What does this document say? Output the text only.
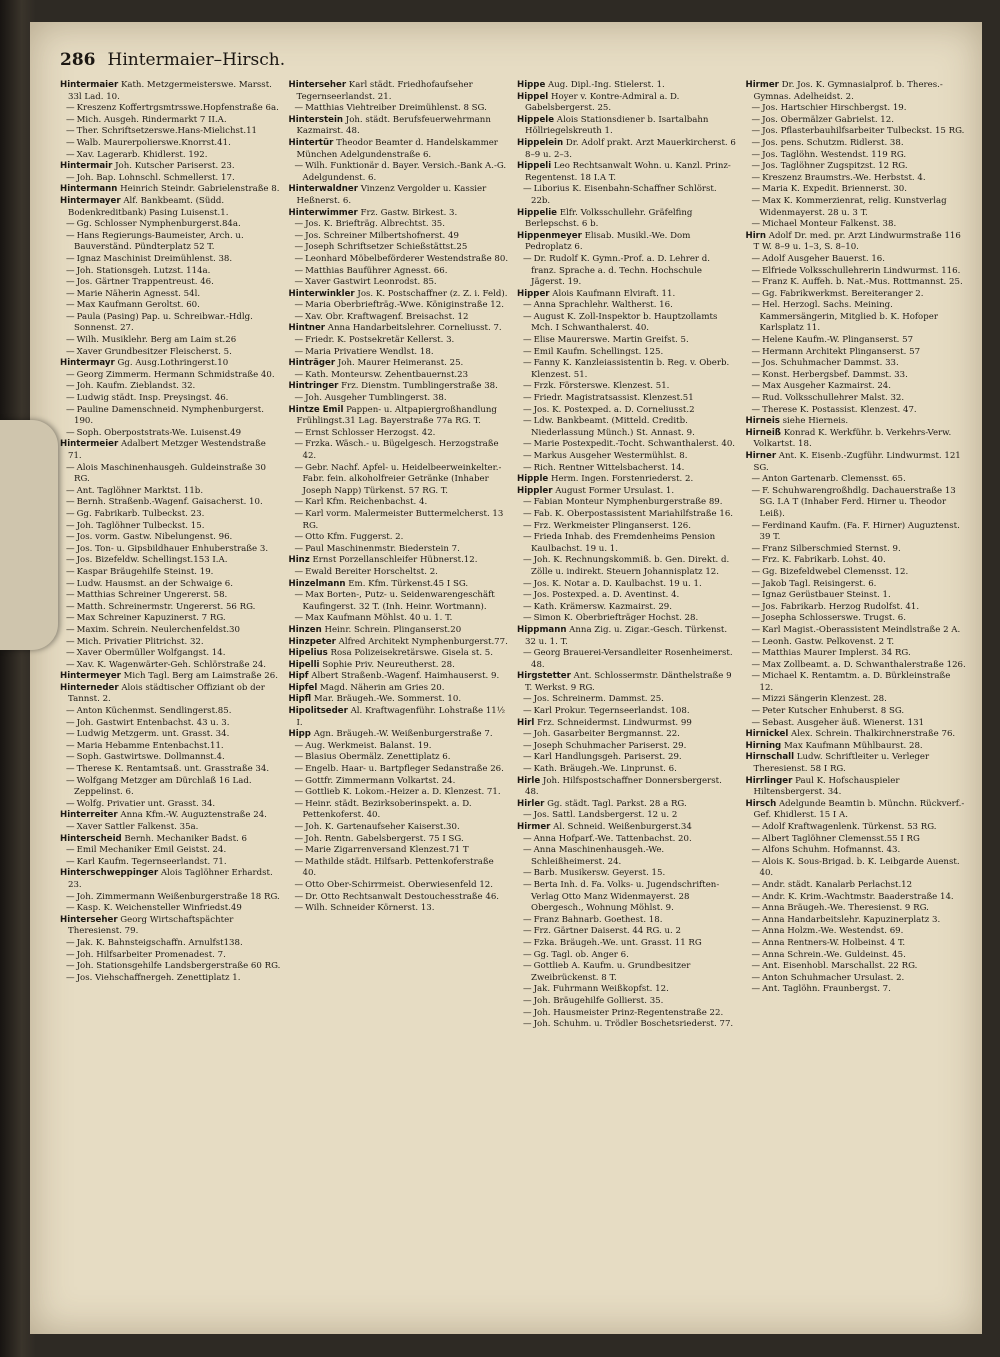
286 Hintermaier–Hirsch.

Hintermaier Kath. Metzgermeisterswe. Marsst. 33l Lad. 10.

— Kreszenz Koffertrgsmtrsswe.Hopfenstraße 6a.

— Mich. Ausgeh. Rindermarkt 7 II.A.

— Ther. Schriftsetzerswe.Hans-Mielichst.11

— Walb. Maurerpolierswe.Knorrst.41.

— Xav. Lagerarb. Khidlerst. 192.

Hintermair Joh. Kutscher Pariserst. 23.

— Joh. Bap. Lohnschl. Schmellerst. 17.

Hintermann Heinrich Steindr. Gabrielenstraße 8.

Hintermayer Alf. Bankbeamt. (Südd. Bodenkreditbank) Pasing Luisenst.1.

— Gg. Schlosser Nymphenburgerst.84a.

— Hans Regierungs-Baumeister, Arch. u. Bauverständ. Pündterplatz 52 T.

— Ignaz Maschinist Dreimühlenst. 38.

— Joh. Stationsgeh. Lutzst. 114a.

— Jos. Gärtner Trappentreust. 46.

— Marie Näherin Agnesst. 54l.

— Max Kaufmann Geroltst. 60.

— Paula (Pasing) Pap. u. Schreibwar.-Hdlg. Sonnenst. 27.

— Wilh. Musiklehr. Berg am Laim st.26

— Xaver Grundbesitzer Fleischerst. 5.

Hintermayr Gg. Ausg.Lothringerst.10

— Georg Zimmerm. Hermann Schmidstraße 40.

— Joh. Kaufm. Zieblandst. 32.

— Ludwig städt. Insp. Preysingst. 46.

— Pauline Damenschneid. Nymphenburgerst. 190.

— Soph. Oberpoststrats-We. Luisenst.49

Hintermeier Adalbert Metzger Westendstraße 71.

— Alois Maschinenhausgeh. Guldeinstraße 30 RG.

— Ant. Taglöhner Marktst. 11b.

— Bernh. Straßenb.-Wagenf. Gaisacherst. 10.

— Gg. Fabrikarb. Tulbeckst. 23.

— Joh. Taglöhner Tulbeckst. 15.

— Jos. vorm. Gastw. Nibelungenst. 96.

— Jos. Ton- u. Gipsbildhauer Enhuberstraße 3.

— Jos. Bizefeldw. Schellingst.153 I.A.

— Kaspar Bräugehilfe Steinst. 19.

— Ludw. Hausmst. an der Schwaige 6.

— Matthias Schreiner Ungererst. 58.

— Matth. Schreinermstr. Ungererst. 56 RG.

— Max Schreiner Kapuzinerst. 7 RG.

— Maxim. Schrein. Neulerchenfeldst.30

— Mich. Privatier Plitrichst. 32.

— Xaver Obermüller Wolfgangst. 14.

— Xav. K. Wagenwärter-Geh. Schlörstraße 24.

Hintermeyer Mich Tagl. Berg am Laimstraße 26.

Hinterneder Alois städtischer Offiziant ob der Tannst. 2.

— Anton Küchenmst. Sendlingerst.85.

— Joh. Gastwirt Entenbachst. 43 u. 3.

— Ludwig Metzgerm. unt. Grasst. 34.

— Maria Hebamme Entenbachst.11.

— Soph. Gastwirtswe. Dollmannst.4.

— Therese K. Rentamtsaß. unt. Grasstraße 34.

— Wolfgang Metzger am Dürchlaß 16 Lad. Zeppelinst. 6.

— Wolfg. Privatier unt. Grasst. 34.

Hinterreiter Anna Kfm.-W. Auguztenstraße 24.

— Xaver Sattler Falkenst. 35a.

Hinterscheid Bernh. Mechaniker Badst. 6

— Emil Mechaniker Emil Geistst. 24.

— Karl Kaufm. Tegernseerlandst. 71.

Hinterschweppinger Alois Taglöhner Erhardst. 23.

— Joh. Zimmermann Weißenburgerstraße 18 RG.

— Kasp. K. Weichensteller Winfriedst.49

Hinterseher Georg Wirtschaftspächter Theresienst. 79.

— Jak. K. Bahnsteigschaffn. Arnulfst138.

— Joh. Hilfsarbeiter Promenadest. 7.

— Joh. Stationsgehilfe Landsbergerstraße 60 RG.

— Jos. Viehschaffnergeh. Zenettiplatz 1.

Hinterseher Karl städt. Friedhofaufseher Tegernseerlandst. 21.

— Matthias Viehtreiber Dreimühlenst. 8 SG.

Hinterstein Joh. städt. Berufsfeuerwehrmann Kazmairst. 48.

Hintertür Theodor Beamter d. Handelskammer München Adelgundenstraße 6.

— Wilh. Funktionär d. Bayer. Versich.-Bank A.-G. Adelgundenst. 6.

Hinterwaldner Vinzenz Vergolder u. Kassier Heßnerst. 6.

Hinterwimmer Frz. Gastw. Birkest. 3.

— Jos. K. Briefträg. Albrechtst. 35.

— Jos. Schreiner Milbertshofnerst. 49

— Joseph Schriftsetzer Schießstättst.25

— Leonhard Möbelbeförderer Westendstraße 80.

— Matthias Bauführer Agnesst. 66.

— Xaver Gastwirt Leonrodst. 85.

Hinterwinkler Jos. K. Postschaffner (z. Z. i. Feld).

— Maria Oberbriefträg.-Wwe. Königinstraße 12.

— Xav. Obr. Kraftwagenf. Breisachst. 12

Hintner Anna Handarbeitslehrer. Corneliusst. 7.

— Friedr. K. Postsekretär Kellerst. 3.

— Maria Privatiere Wendlst. 18.

Hinträger Joh. Maurer Heimeranst. 25.

— Kath. Monteursw. Zehentbauernst.23

Hintringer Frz. Dienstm. Tumblingerstraße 38.

— Joh. Ausgeher Tumblingerst. 38.

Hintze Emil Pappen- u. Altpapiergroßhandlung Frühlingst.31 Lag. Bayerstraße 77a RG. T.

— Ernst Schlosser Herzogst. 42.

— Frzka. Wäsch.- u. Bügelgesch. Herzogstraße 42.

— Gebr. Nachf. Apfel- u. Heidelbeerweinkelter.-Fabr. fein. alkoholfreier Getränke (Inhaber Joseph Napp) Türkenst. 57 RG. T.

— Karl Kfm. Reichenbachst. 4.

— Karl vorm. Malermeister Buttermelcherst. 13 RG.

— Otto Kfm. Fuggerst. 2.

— Paul Maschinenmstr. Biederstein 7.

Hinz Ernst Porzellanschleifer Hübnerst.12.

— Ewald Bereiter Horscheltst. 2.

Hinzelmann Em. Kfm. Türkenst.45 I SG.

— Max Borten-, Putz- u. Seidenwarengeschäft Kaufingerst. 32 T. (Inh. Heinr. Wortmann).

— Max Kaufmann Möhlst. 40 u. 1. T.

Hinzen Heinr. Schrein. Plinganserst.20

Hinzpeter Alfred Architekt Nymphenburgerst.77.

Hipelius Rosa Polizeisekretärswe. Gisela st. 5.

Hipelli Sophie Priv. Neureutherst. 28.

Hipf Albert Straßenb.-Wagenf. Haimhauserst. 9.

Hipfel Magd. Näherin am Gries 20.

Hipfl Mar. Bräugeh.-We. Sommerst. 10.

Hipolitseder Al. Kraftwagenführ. Lohstraße 11½ I.

Hipp Agn. Bräugeh.-W. Weißenburgerstraße 7.

— Aug. Werkmeist. Balanst. 19.

— Blasius Obermälz. Zenettiplatz 6.

— Engelb. Haar- u. Bartpfleger Sedanstraße 26.

— Gottfr. Zimmermann Volkartst. 24.

— Gottlieb K. Lokom.-Heizer a. D. Klenzest. 71.

— Heinr. städt. Bezirksoberinspekt. a. D. Pettenkoferst. 40.

— Joh. K. Gartenaufseher Kaiserst.30.

— Joh. Rentn. Gabelsbergerst. 75 I SG.

— Marie Zigarrenversand Klenzest.71 T

— Mathilde städt. Hilfsarb. Pettenkoferstraße 40.

— Otto Ober-Schirrmeist. Oberwiesenfeld 12.

— Dr. Otto Rechtsanwalt Destouchesstraße 46.

— Wilh. Schneider Körnerst. 13.

Hippe Aug. Dipl.-Ing. Stielerst. 1.

Hippel Hoyer v. Kontre-Admiral a. D. Gabelsbergerst. 25.

Hippele Alois Stationsdiener b. Isartalbahn Höllriegelskreuth 1.

Hippelein Dr. Adolf prakt. Arzt Mauerkircherst. 6 8–9 u. 2–3.

Hippeli Leo Rechtsanwalt Wohn. u. Kanzl. Prinz-Regentenst. 18 I.A T.

— Liborius K. Eisenbahn-Schaffner Schlörst. 22b.

Hippelie Elfr. Volksschullehr. Gräfelfing Berlepschst. 6 b.

Hippenmeyer Elisab. Musikl.-We. Dom Pedroplatz 6.

— Dr. Rudolf K. Gymn.-Prof. a. D. Lehrer d. franz. Sprache a. d. Techn. Hochschule Jägerst. 19.

Hipper Alois Kaufmann Elviraft. 11.

— Anna Sprachlehr. Waltherst. 16.

— August K. Zoll-Inspektor b. Hauptzollamts Mch. I Schwanthalerst. 40.

— Elise Maurerswe. Martin Greifst. 5.

— Emil Kaufm. Schellingst. 125.

— Fanny K. Kanzleiassistentin b. Reg. v. Oberb. Klenzest. 51.

— Frzk. Försterswe. Klenzest. 51.

— Friedr. Magistratsassist. Klenzest.51

— Jos. K. Postexped. a. D. Corneliusst.2

— Ldw. Bankbeamt. (Mitteld. Creditb. Niederlassung Münch.) St. Annast. 9.

— Marie Postexpedit.-Tocht. Schwanthalerst. 40.

— Markus Ausgeher Westermühlst. 8.

— Rich. Rentner Wittelsbacherst. 14.

Hipple Herm. Ingen. Forstenriederst. 2.

Hippler August Former Ursulast. 1.

— Fabian Monteur Nymphenburgerstraße 89.

— Fab. K. Oberpostassistent Mariahilfstraße 16.

— Frz. Werkmeister Plinganserst. 126.

— Frieda Inhab. des Fremdenheims Pension Kaulbachst. 19 u. 1.

— Joh. K. Rechnungskommiß. b. Gen. Direkt. d. Zölle u. indirekt. Steuern Johannisplatz 12.

— Jos. K. Notar a. D. Kaulbachst. 19 u. 1.

— Jos. Postexped. a. D. Aventinst. 4.

— Kath. Krämersw. Kazmairst. 29.

— Simon K. Oberbriefträger Hochst. 28.

Hippmann Anna Zig. u. Zigar.-Gesch. Türkenst. 32 u. 1. T.

— Georg Brauerei-Versandleiter Rosenheimerst. 48.

Hirgstetter Ant. Schlossermstr. Dänthelstraße 9 T. Werkst. 9 RG.

— Jos. Schreinerm. Dammst. 25.

— Karl Prokur. Tegernseerlandst. 108.

Hirl Frz. Schneidermst. Lindwurmst. 99

— Joh. Gasarbeiter Bergmannst. 22.

— Joseph Schuhmacher Pariserst. 29.

— Karl Handlungsgeh. Pariserst. 29.

— Kath. Bräugeh.-We. Linprunst. 6.

Hirle Joh. Hilfspostschaffner Donnersbergerst. 48.

Hirler Gg. städt. Tagl. Parkst. 28 a RG.

— Jos. Sattl. Landsbergerst. 12 u. 2

Hirmer Al. Schneid. Weißenburgerst.34

— Anna Hofparf.-We. Tattenbachst. 20.

— Anna Maschinenhausgeh.-We. Schleißheimerst. 24.

— Barb. Musikersw. Geyerst. 15.

— Berta Inh. d. Fa. Volks- u. Jugendschriften-Verlag Otto Manz Widenmayerst. 28 Obergesch., Wohnung Möhlst. 9.

— Franz Bahnarb. Goethest. 18.

— Frz. Gärtner Daiserst. 44 RG. u. 2

— Fzka. Bräugeh.-We. unt. Grasst. 11 RG

— Gg. Tagl. ob. Anger 6.

— Gottlieb A. Kaufm. u. Grundbesitzer Zweibrückenst. 8 T.

— Jak. Fuhrmann Weißkopfst. 12.

— Joh. Bräugehilfe Gollierst. 35.

— Joh. Hausmeister Prinz-Regentenstraße 22.

— Joh. Schuhm. u. Trödler Boschetsriederst. 77.

Hirmer Dr. Jos. K. Gymnasialprof. b. Theres.-Gymnas. Adelheidst. 2.

— Jos. Hartschier Hirschbergst. 19.

— Jos. Obermälzer Gabrielst. 12.

— Jos. Pflasterbauhilfsarbeiter Tulbeckst. 15 RG.

— Jos. pens. Schutzm. Ridlerst. 38.

— Jos. Taglöhn. Westendst. 119 RG.

— Jos. Taglöhner Zugspitzst. 12 RG.

— Kreszenz Braumstrs.-We. Herbstst. 4.

— Maria K. Expedit. Briennerst. 30.

— Max K. Kommerzienrat, relig. Kunstverlag Widenmayerst. 28 u. 3 T.

— Michael Monteur Falkenst. 38.

Hirn Adolf Dr. med. pr. Arzt Lindwurmstraße 116 T W. 8–9 u. 1–3, S. 8–10.

— Adolf Ausgeher Bauerst. 16.

— Elfriede Volksschullehrerin Lindwurmst. 116.

— Franz K. Auffeh. b. Nat.-Mus. Rottmannst. 25.

— Gg. Fabrikwerkmst. Bereiteranger 2.

— Hel. Herzogl. Sachs. Meining. Kammersängerin, Mitglied b. K. Hofoper Karlsplatz 11.

— Helene Kaufm.-W. Plinganserst. 57

— Hermann Architekt Plinganserst. 57

— Jos. Schuhmacher Dammst. 33.

— Konst. Herbergsbef. Dammst. 33.

— Max Ausgeher Kazmairst. 24.

— Rud. Volksschullehrer Malst. 32.

— Therese K. Postassist. Klenzest. 47.

Hirneis siehe Hierneis.

Hirneiß Konrad K. Werkführ. b. Verkehrs-Verw. Volkartst. 18.

Hirner Ant. K. Eisenb.-Zugführ. Lindwurmst. 121 SG.

— Anton Gartenarb. Clemensst. 65.

— F. Schuhwarengroßhdlg. Dachauerstraße 13 SG. I.A T (Inhaber Ferd. Hirner u. Theodor Leiß).

— Ferdinand Kaufm. (Fa. F. Hirner) Auguztenst. 39 T.

— Franz Silberschmied Sternst. 9.

— Frz. K. Fabrikarb. Lohst. 40.

— Gg. Bizefeldwebel Clemensst. 12.

— Jakob Tagl. Reisingerst. 6.

— Ignaz Gerüstbauer Steinst. 1.

— Jos. Fabrikarb. Herzog Rudolfst. 41.

— Josepha Schlosserswe. Trugst. 6.

— Karl Magist.-Oberassistent Meindlstraße 2 A.

— Leonh. Gastw. Pelkovenst. 2 T.

— Matthias Maurer Implerst. 34 RG.

— Max Zollbeamt. a. D. Schwanthalerstraße 126.

— Michael K. Rentamtm. a. D. Bürkleinstraße 12.

— Mizzi Sängerin Klenzest. 28.

— Peter Kutscher Enhuberst. 8 SG.

— Sebast. Ausgeher äuß. Wienerst. 131

Hirnickel Alex. Schrein. Thalkirchnerstraße 76.

Hirning Max Kaufmann Mühlbaurst. 28.

Hirnschall Ludw. Schriftleiter u. Verleger Theresienst. 58 I RG.

Hirrlinger Paul K. Hofschauspieler Hiltensbergerst. 34.

Hirsch Adelgunde Beamtin b. Münchn. Rückverf.-Gef. Khidlerst. 15 I A.

— Adolf Kraftwagenlenk. Türkenst. 53 RG.

— Albert Taglöhner Clemensst.55 I RG

— Alfons Schuhm. Hofmannst. 43.

— Alois K. Sous-Brigad. b. K. Leibgarde Auenst. 40.

— Andr. städt. Kanalarb Perlachst.12

— Andr. K. Krim.-Wachtmstr. Baaderstraße 14.

— Anna Bräugeh.-We. Theresienst. 9 RG.

— Anna Handarbeitslehr. Kapuzinerplatz 3.

— Anna Holzm.-We. Westendst. 69.

— Anna Rentners-W. Holbeinst. 4 T.

— Anna Schrein.-We. Guldeinst. 45.

— Ant. Eisenhobl. Marschallst. 22 RG.

— Anton Schuhmacher Ursulast. 2.

— Ant. Taglöhn. Fraunbergst. 7.
